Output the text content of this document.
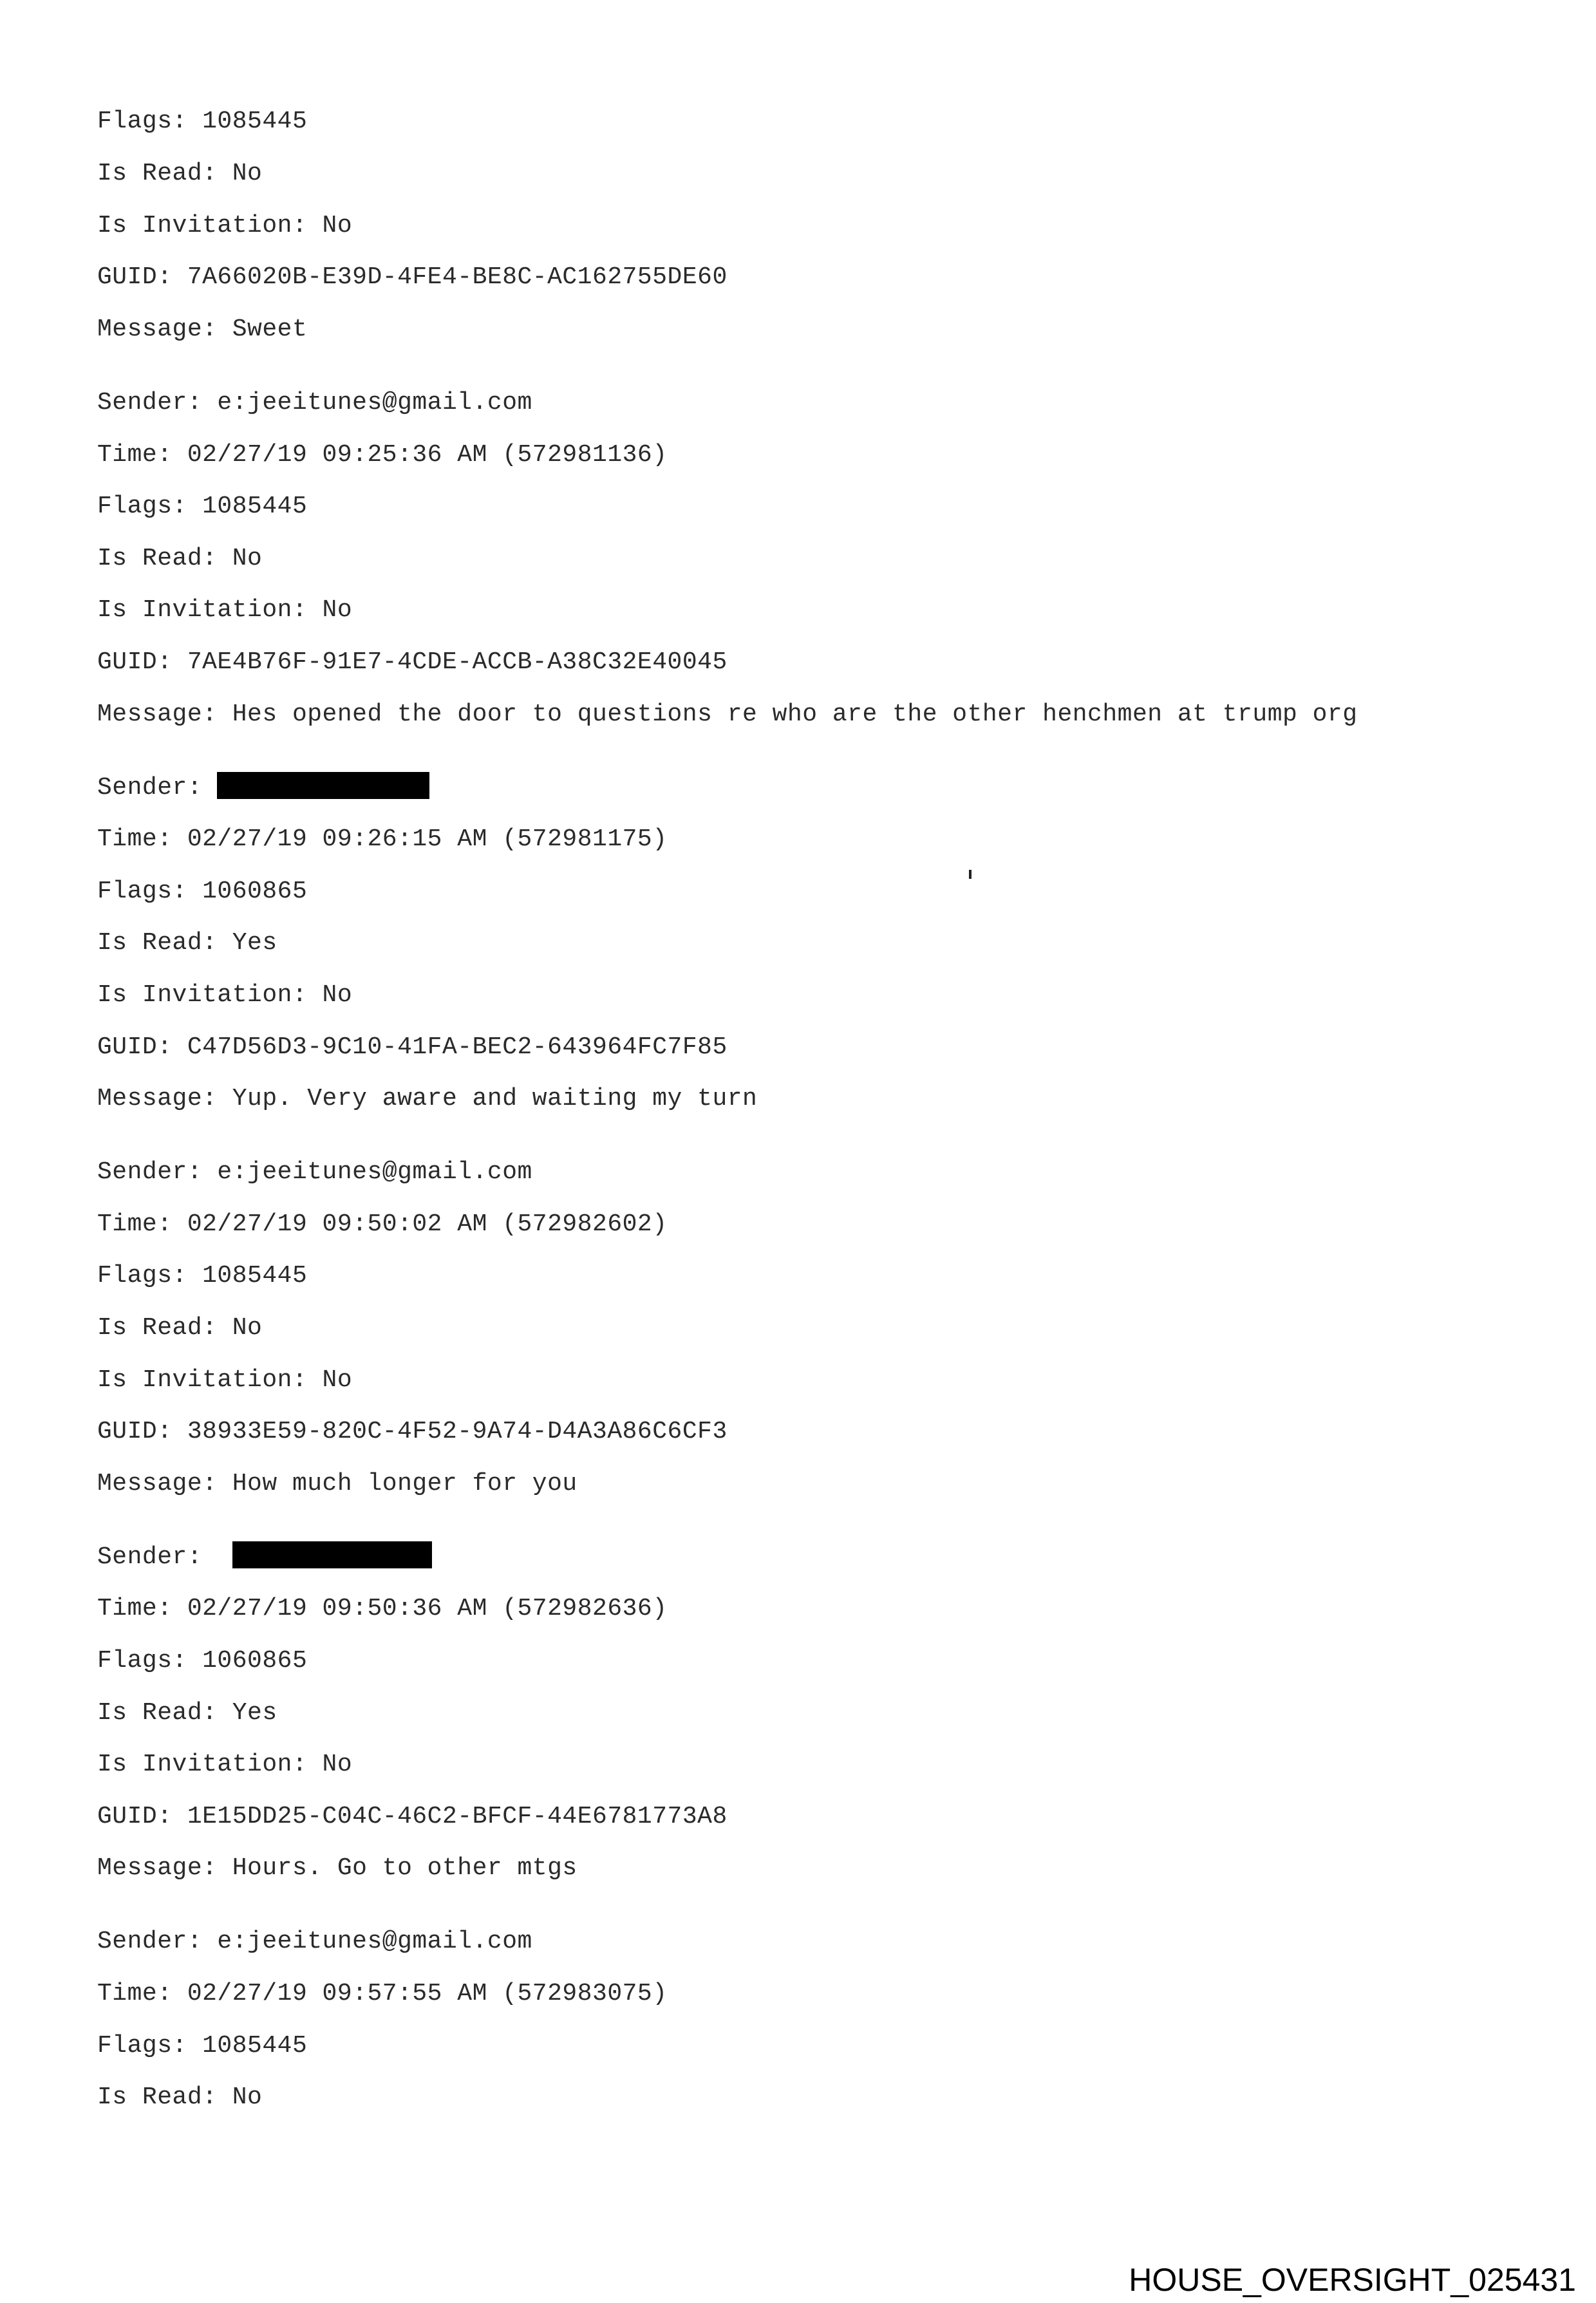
Flags: 1085445
Is Read: No
Is Invitation: No
GUID: 7A66020B-E39D-4FE4-BE8C-AC162755DE60
Message: Sweet
Sender: e:jeeitunes@gmail.com
Time: 02/27/19 09:25:36 AM (572981136)
Flags: 1085445
Is Read: No
Is Invitation: No
GUID: 7AE4B76F-91E7-4CDE-ACCB-A38C32E40045
Message: Hes opened the door to questions re who are the other henchmen at trump org
Sender:
Time: 02/27/19 09:26:15 AM (572981175)
Flags: 1060865
Is Read: Yes
Is Invitation: No
GUID: C47D56D3-9C10-41FA-BEC2-643964FC7F85
Message: Yup. Very aware and waiting my turn
Sender: e:jeeitunes@gmail.com
Time: 02/27/19 09:50:02 AM (572982602)
Flags: 1085445
Is Read: No
Is Invitation: No
GUID: 38933E59-820C-4F52-9A74-D4A3A86C6CF3
Message: How much longer for you
Sender:
Time: 02/27/19 09:50:36 AM (572982636)
Flags: 1060865
Is Read: Yes
Is Invitation: No
GUID: 1E15DD25-C04C-46C2-BFCF-44E6781773A8
Message: Hours. Go to other mtgs
Sender: e:jeeitunes@gmail.com
Time: 02/27/19 09:57:55 AM (572983075)
Flags: 1085445
Is Read: No
HOUSE_OVERSIGHT_025431
